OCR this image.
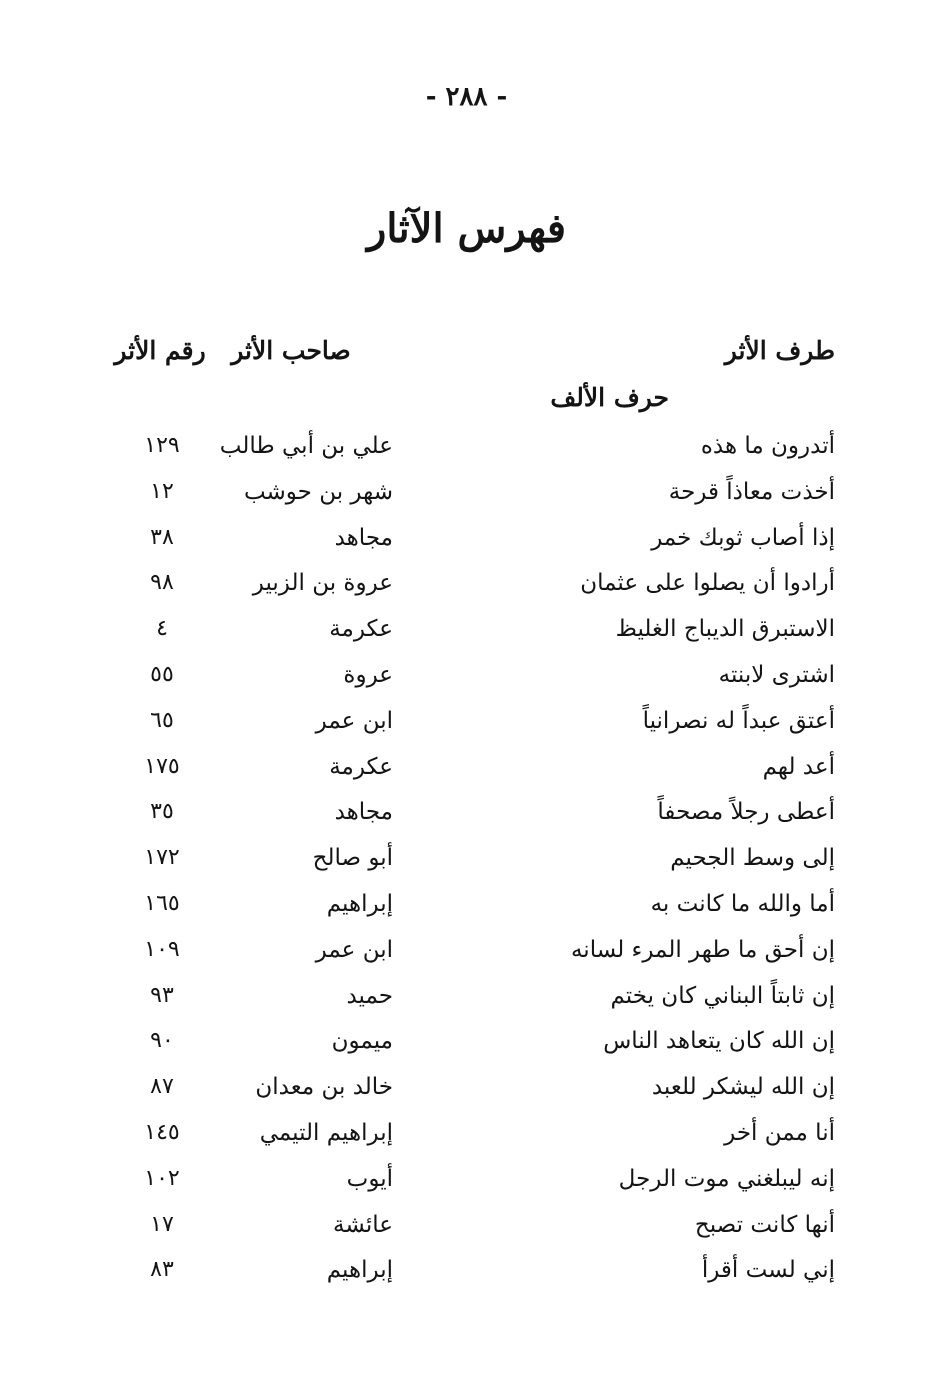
- ٢٨٨ -
فهرس الآثار
طرف الأثر
صاحب الأثر
رقم الأثر
حرف الألف
أتدرون ما هذه
علي بن أبي طالب
١٢٩
أخذت معاذاً قرحة
شهر بن حوشب
١٢
إذا أصاب ثوبك خمر
مجاهد
٣٨
أرادوا أن يصلوا على عثمان
عروة بن الزبير
٩٨
الاستبرق الديباج الغليظ
عكرمة
٤
اشترى لابنته
عروة
٥٥
أعتق عبداً له نصرانياً
ابن عمر
٦٥
أعد لهم
عكرمة
١٧٥
أعطى رجلاً مصحفاً
مجاهد
٣٥
إلى وسط الجحيم
أبو صالح
١٧٢
أما والله ما كانت به
إبراهيم
١٦٥
إن أحق ما طهر المرء لسانه
ابن عمر
١٠٩
إن ثابتاً البناني كان يختم
حميد
٩٣
إن الله كان يتعاهد الناس
ميمون
٩٠
إن الله ليشكر للعبد
خالد بن معدان
٨٧
أنا ممن أخر
إبراهيم التيمي
١٤٥
إنه ليبلغني موت الرجل
أيوب
١٠٢
أنها كانت تصبح
عائشة
١٧
إني لست أقرأ
إبراهيم
٨٣
